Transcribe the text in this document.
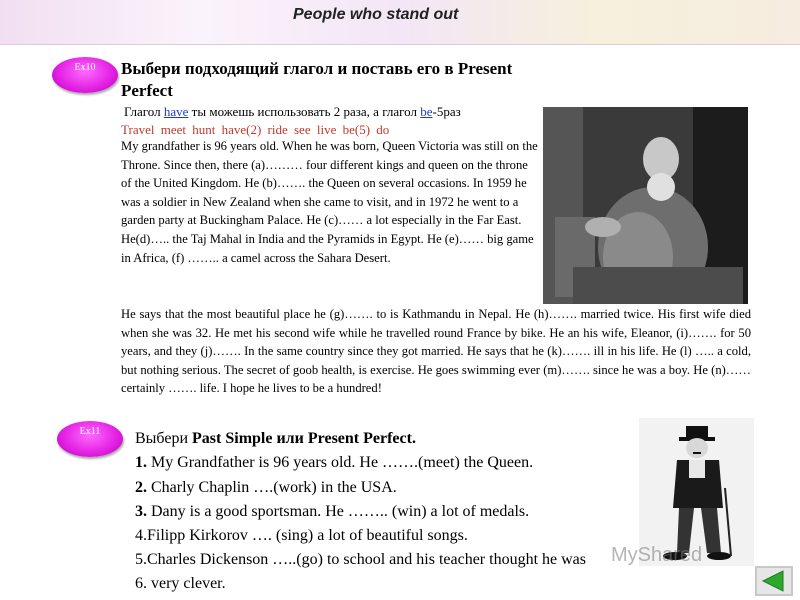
People who stand out
Ex10	Выбери подходящий глагол и поставь его в Present Perfect
Глагол have ты можешь использовать 2 раза, а глагол be-5раз
Travel meet hunt have(2) ride see live be(5) do
My grandfather is 96 years old. When he was born, Queen Victoria was still on the Throne. Since then, there (a)……… four different kings and queen on the throne of the United Kingdom. He (b)……. the Queen on several occasions. In 1959 he was a soldier in New Zealand when she came to visit, and in 1972 he went to a garden party at Buckingham Palace. He (c)…… a lot especially in the Far East. He(d)….. the Taj Mahal in India and the Pyramids in Egypt. He (e)…… big game in Africa, (f) …….. a camel across the Sahara Desert.
He says that the most beautiful place he (g)……. to is Kathmandu in Nepal. He (h)……. married twice. His first wife died when she was 32. He met his second wife while he travelled round France by bike. He an his wife, Eleanor, (i)……. for 50 years, and they (j)……. In the same country since they got married. He says that he (k)……. ill in his life. He (l) ….. a cold, but nothing serious. The secret of goob health, is exercise. He goes swimming ever (m)……. since he was a boy. He (n)…… certainly ……. life. I hope he lives to be a hundred!
Ex11	Выбери Past Simple или Present Perfect.
1. My Grandfather is 96 years old. He …….(meet) the Queen.
2. Charly Chaplin ….(work) in the USA.
3. Dany is a good sportsman. He …….. (win) a lot of medals.
4.Filipp Kirkorov …. (sing) a lot of beautiful songs.
5.Charles Dickenson …..(go) to school and his teacher thought he was
6. very clever.
MyShared
